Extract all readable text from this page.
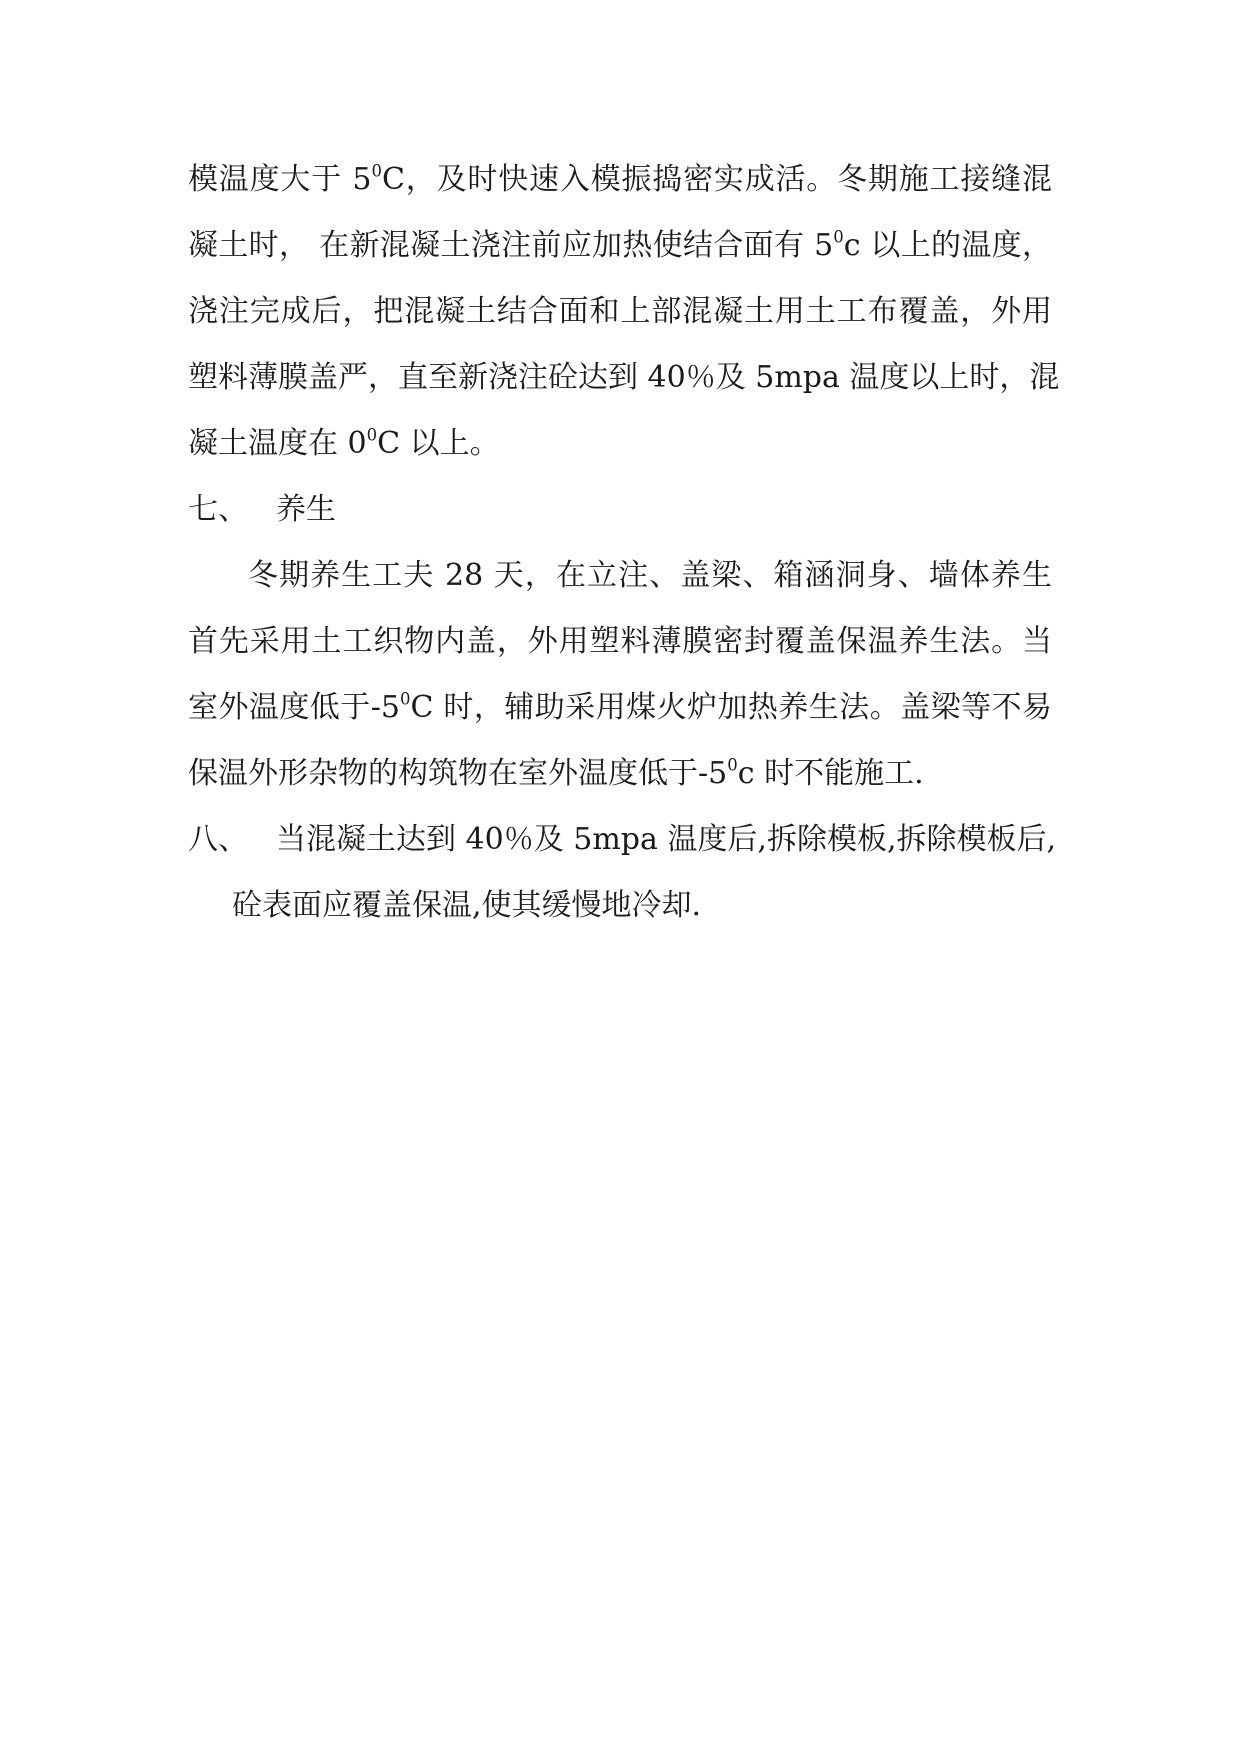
模温度大于 $5^0C$，及时快速入模振捣密实成活。冬期施工接缝混
凝土时， 在新混凝土浇注前应加热使结合面有 $5^0c$ 以上的温度，
浇注完成后，把混凝土结合面和上部混凝土用土工布覆盖，外用
塑料薄膜盖严，直至新浇注砼达到 40％及 5mpa 温度以上时，混
凝土温度在 $0^0C$ 以上。
七、 养生
冬期养生工夫 28 天，在立注、盖梁、箱涵洞身、墙体养生
首先采用土工织物内盖，外用塑料薄膜密封覆盖保温养生法。当
室外温度低于$-5^0C$ 时，辅助采用煤火炉加热养生法。盖梁等不易
保温外形杂物的构筑物在室外温度低于$-5^0c$ 时不能施工.
八、 当混凝土达到 40％及 5mpa 温度后,拆除模板,拆除模板后,
砼表面应覆盖保温,使其缓慢地冷却.
